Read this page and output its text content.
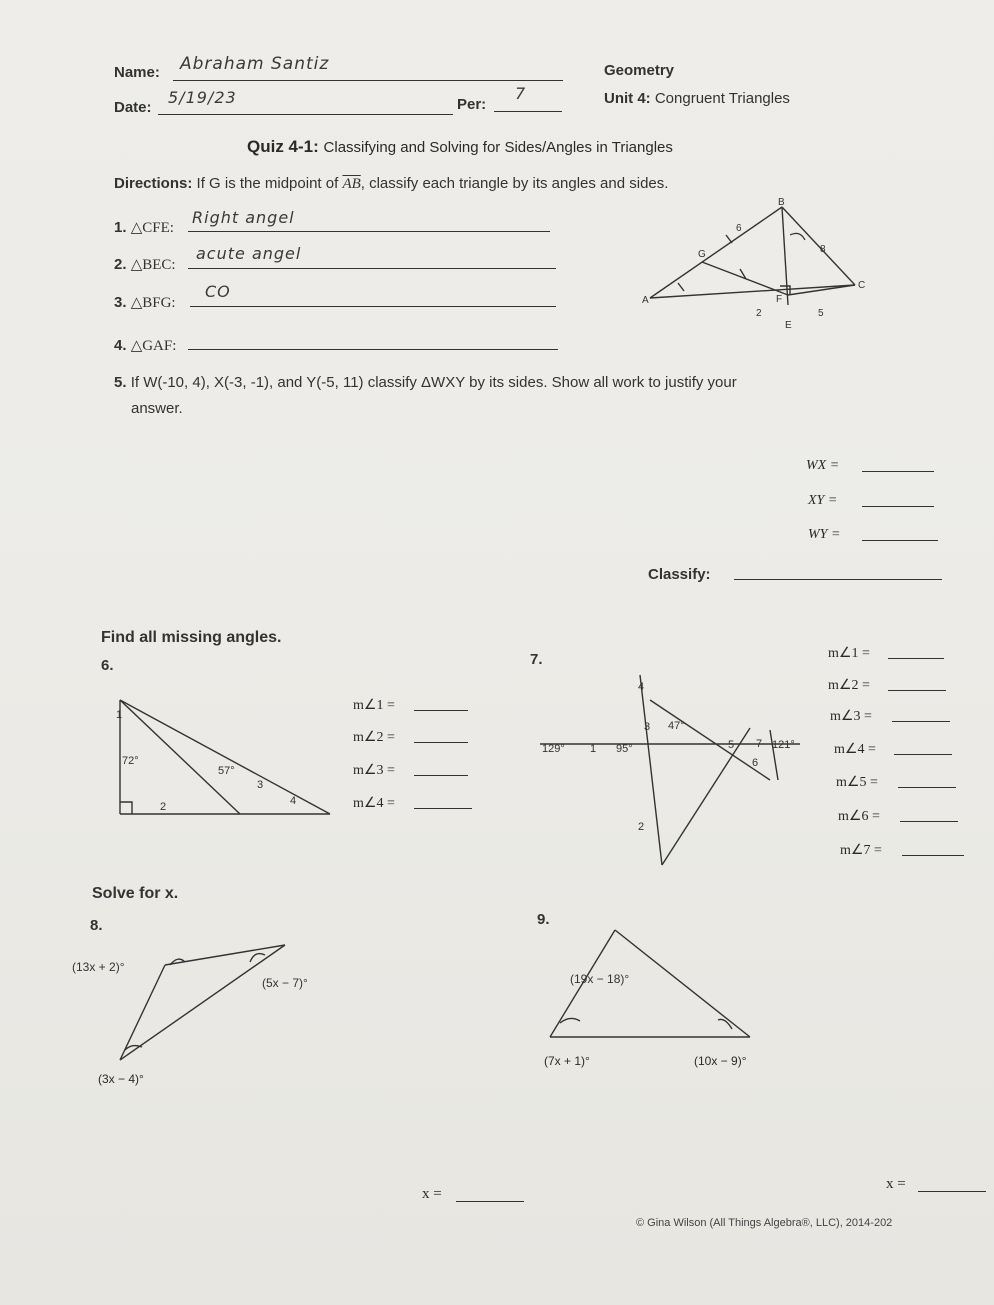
Name: Abraham Santiz	Geometry
Date:
5/19/23	Per:
7	Unit 4: Congruent Triangles
Quiz 4-1: Classifying and Solving for Sides/Angles in Triangles
Directions: If G is the midpoint of $\overline{AB}$, classify each triangle by its angles and sides.
1. △CFE:
Right angel
2. △BEC:
acute angel
3. △BFG:
CO
4. △GAF:
B
G
A
C
E
F
6
8
2	5
5. If W(-10, 4), X(-3, -1), and Y(-5, 11) classify ΔWXY by its sides. Show all work to justify your
answer.
WX =
XY =
WY =
Classify:
Find all missing angles.
6.	7.
1
2
3
4
72°
57°
m∠1 =
m∠2 =
m∠3 =
m∠4 =
4
3 47°
129° 1 95°	5 7 121°
6
2
m∠1 =
m∠2 =
m∠3 =
m∠4 =
m∠5 =
m∠6 =
m∠7 =
Solve for x.
8.	9.
(13x + 2)°
(5x − 7)°
(3x − 4)°
(19x − 18)°
(7x + 1)°	(10x − 9)°
x =
x =
© Gina Wilson (All Things Algebra®, LLC), 2014-202
